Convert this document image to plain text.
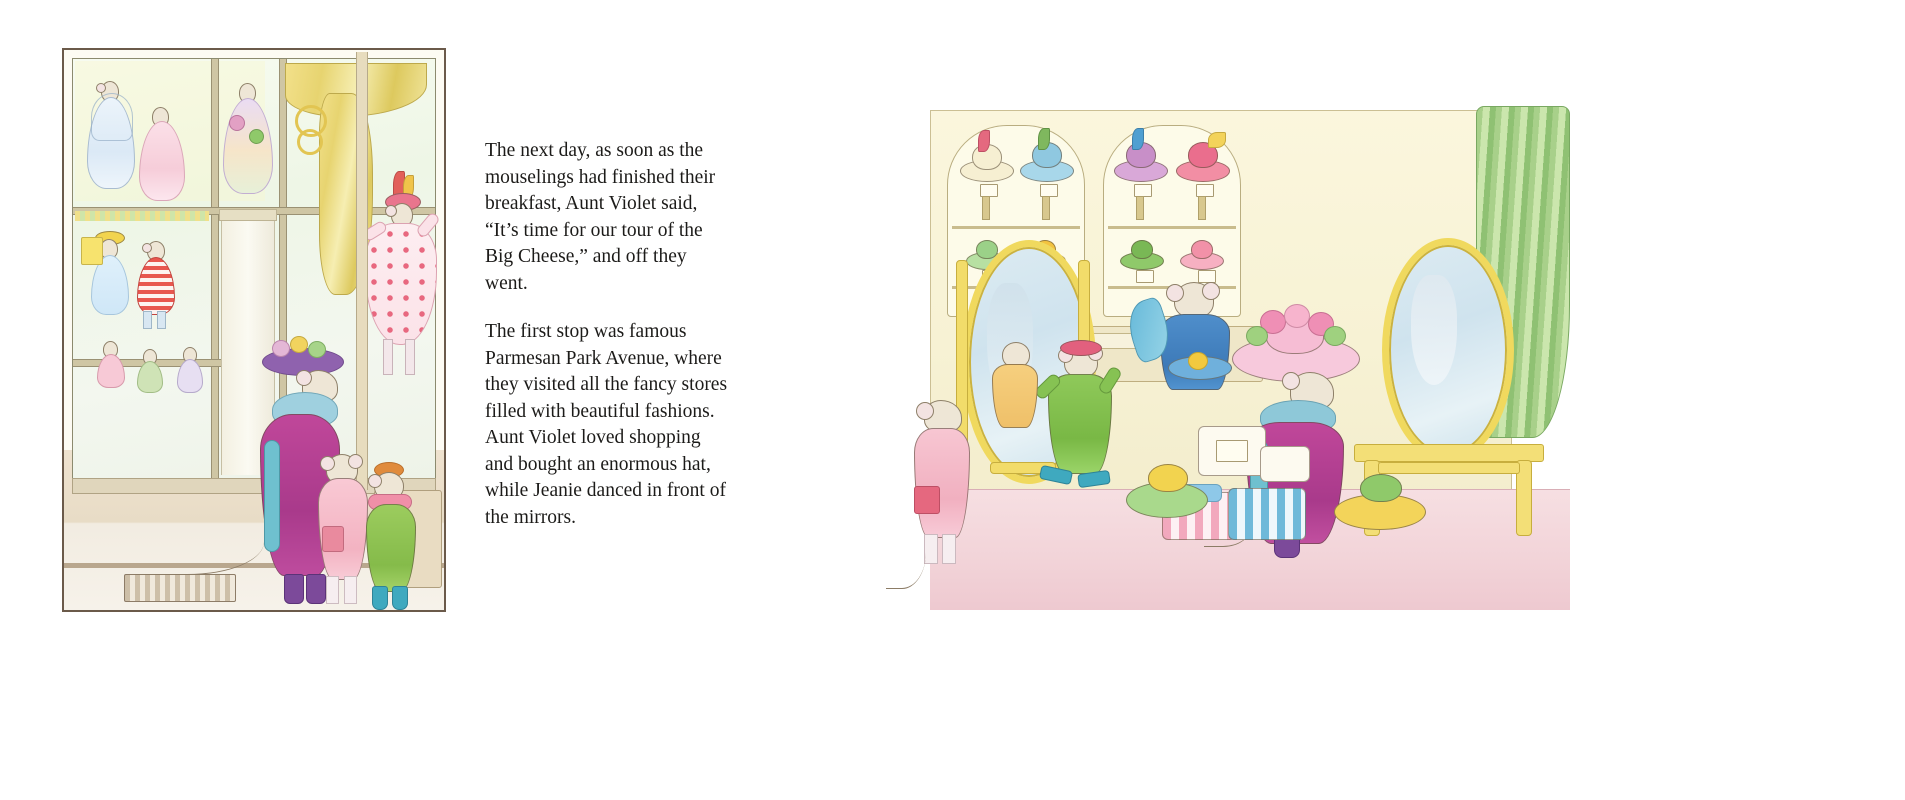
The next day, as soon as the mouselings had finished their breakfast, Aunt Violet said, “It’s time for our tour of the Big Cheese,” and off they went.

The first stop was famous Parmesan Park Avenue, where they visited all the fancy stores filled with beautiful fashions. Aunt Violet loved shopping and bought an enormous hat, while Jeanie danced in front of the mirrors.
